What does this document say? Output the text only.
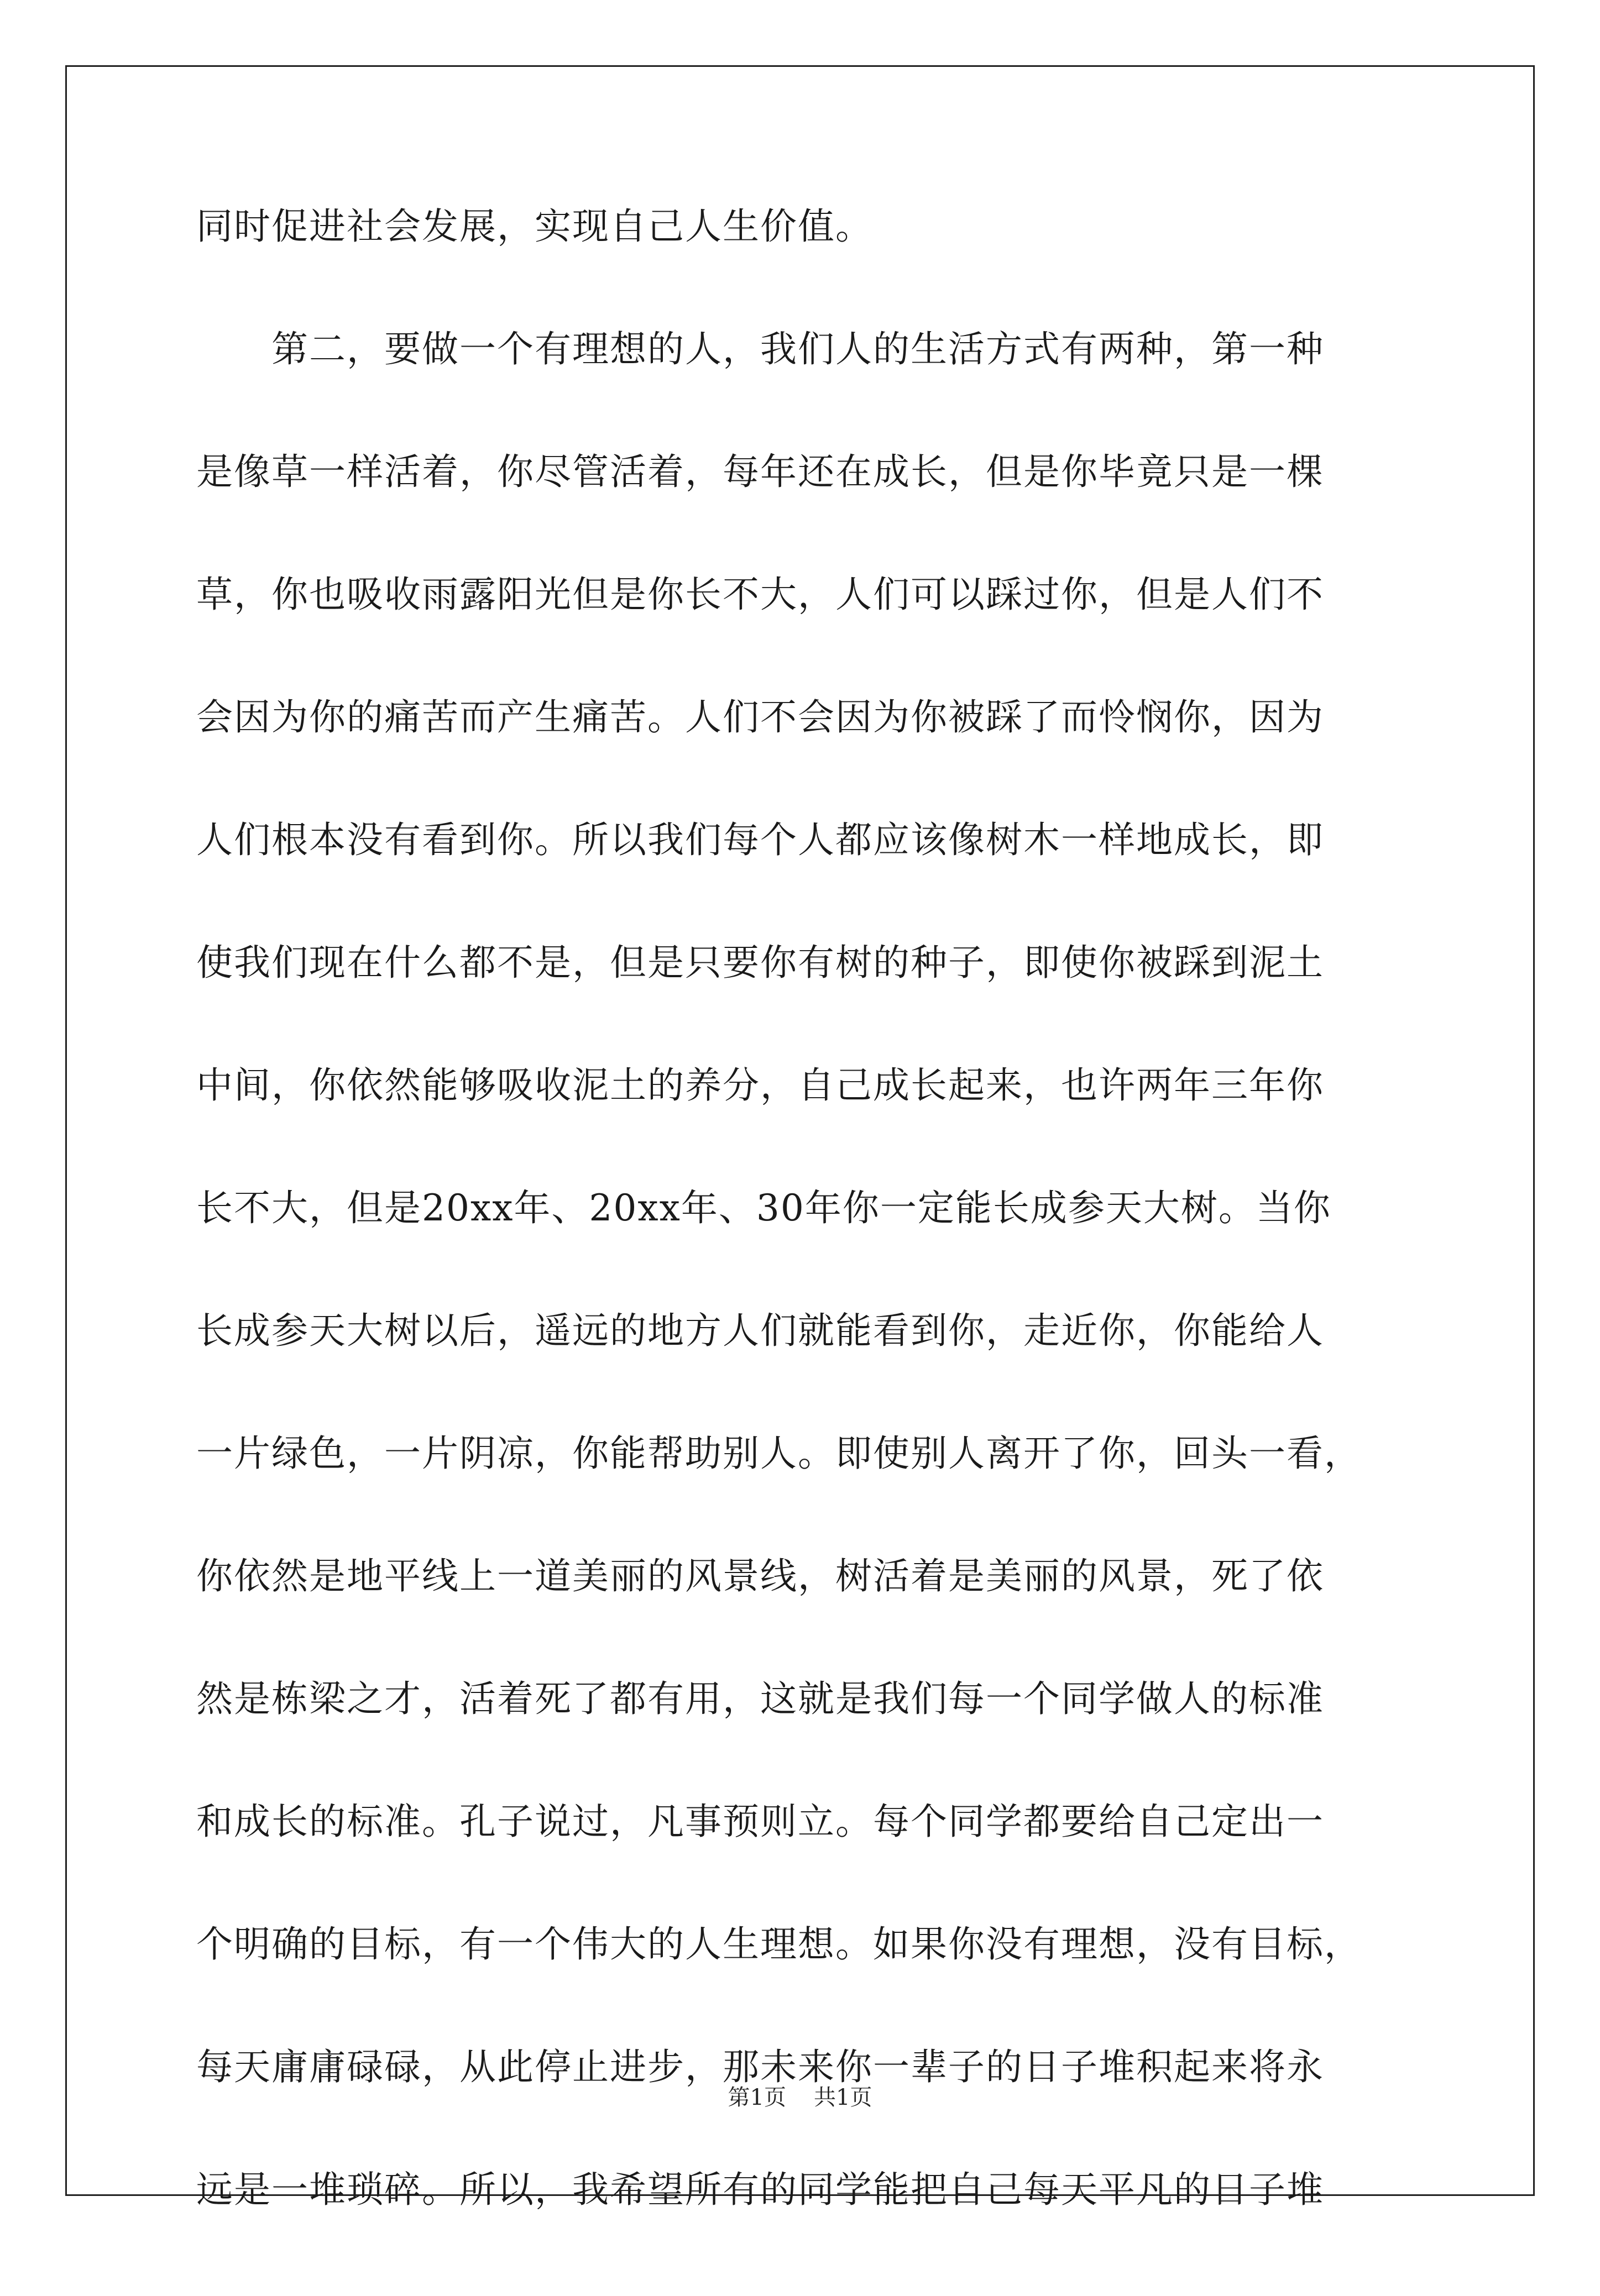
同时促进社会发展，实现自己人生价值。
第二，要做一个有理想的人，我们人的生活方式有两种，第一种
是像草一样活着，你尽管活着，每年还在成长，但是你毕竟只是一棵
草，你也吸收雨露阳光但是你长不大，人们可以踩过你，但是人们不
会因为你的痛苦而产生痛苦。人们不会因为你被踩了而怜悯你，因为
人们根本没有看到你。所以我们每个人都应该像树木一样地成长，即
使我们现在什么都不是，但是只要你有树的种子，即使你被踩到泥土
中间，你依然能够吸收泥土的养分，自己成长起来，也许两年三年你
长不大，但是20xx年、20xx年、30年你一定能长成参天大树。当你
长成参天大树以后，遥远的地方人们就能看到你，走近你，你能给人
一片绿色，一片阴凉，你能帮助别人。即使别人离开了你，回头一看，
你依然是地平线上一道美丽的风景线，树活着是美丽的风景，死了依
然是栋梁之才，活着死了都有用，这就是我们每一个同学做人的标准
和成长的标准。孔子说过，凡事预则立。每个同学都要给自己定出一
个明确的目标，有一个伟大的人生理想。如果你没有理想，没有目标，
每天庸庸碌碌，从此停止进步，那未来你一辈子的日子堆积起来将永
远是一堆琐碎。所以，我希望所有的同学能把自己每天平凡的日子堆
第1页 共1页
